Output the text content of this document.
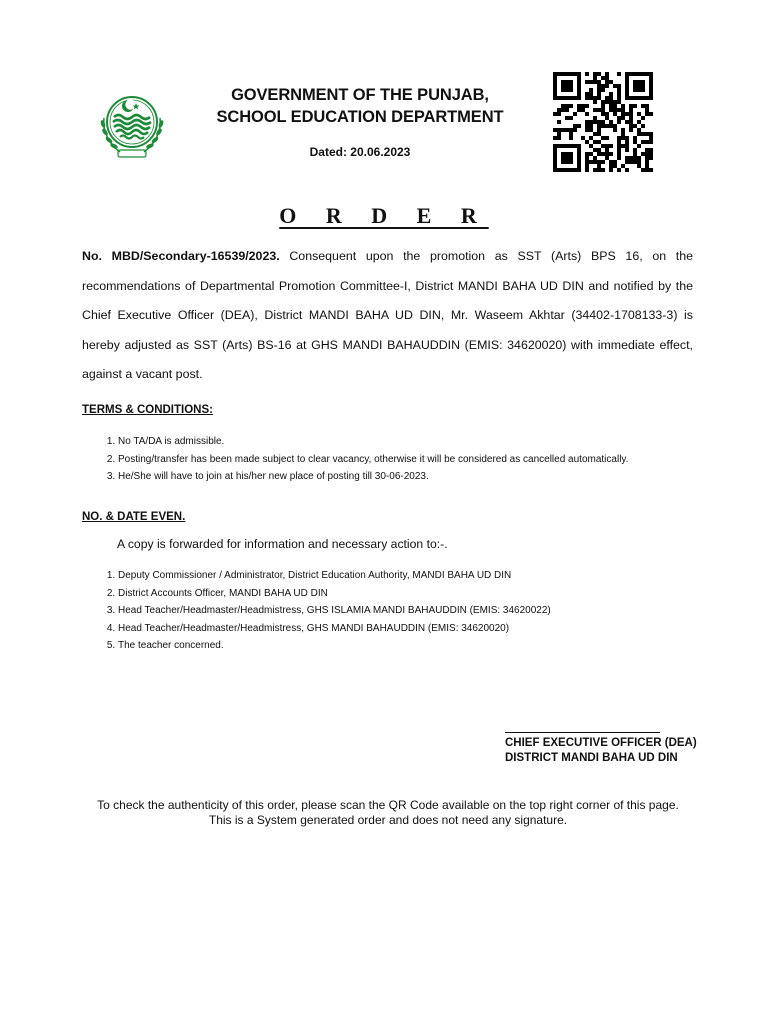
GOVERNMENT OF THE PUNJAB,
SCHOOL EDUCATION DEPARTMENT
Dated: 20.06.2023
O R D E R
No. MBD/Secondary-16539/2023. Consequent upon the promotion as SST (Arts) BPS 16, on the recommendations of Departmental Promotion Committee-I, District MANDI BAHA UD DIN and notified by the Chief Executive Officer (DEA), District MANDI BAHA UD DIN, Mr. Waseem Akhtar (34402-1708133-3) is hereby adjusted as SST (Arts) BS-16 at GHS MANDI BAHAUDDIN (EMIS: 34620020) with immediate effect, against a vacant post.
TERMS & CONDITIONS:
1. No TA/DA is admissible.
2. Posting/transfer has been made subject to clear vacancy, otherwise it will be considered as cancelled automatically.
3. He/She will have to join at his/her new place of posting till 30-06-2023.
NO. & DATE EVEN.
A copy is forwarded for information and necessary action to:-.
1. Deputy Commissioner / Administrator, District Education Authority, MANDI BAHA UD DIN
2. District Accounts Officer, MANDI BAHA UD DIN
3. Head Teacher/Headmaster/Headmistress, GHS ISLAMIA MANDI BAHAUDDIN (EMIS: 34620022)
4. Head Teacher/Headmaster/Headmistress, GHS MANDI BAHAUDDIN (EMIS: 34620020)
5. The teacher concerned.
CHIEF EXECUTIVE OFFICER (DEA)
DISTRICT MANDI BAHA UD DIN
To check the authenticity of this order, please scan the QR Code available on the top right corner of this page.
This is a System generated order and does not need any signature.
